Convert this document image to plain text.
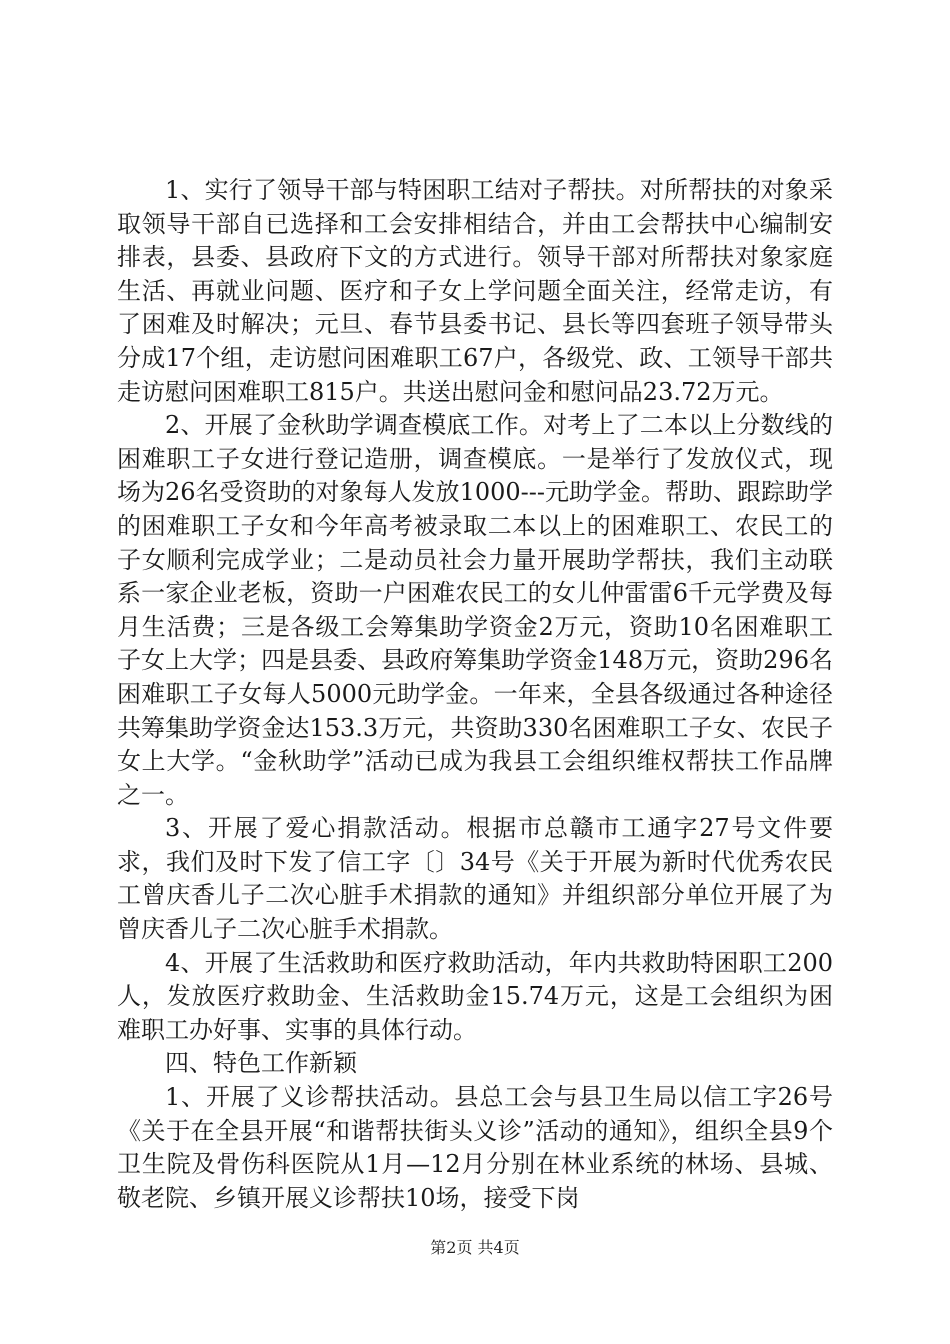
1、实行了领导干部与特困职工结对子帮扶。对所帮扶的对象采取领导干部自已选择和工会安排相结合，并由工会帮扶中心编制安排表，县委、县政府下文的方式进行。领导干部对所帮扶对象家庭生活、再就业问题、医疗和子女上学问题全面关注，经常走访，有了困难及时解决；元旦、春节县委书记、县长等四套班子领导带头分成17个组，走访慰问困难职工67户，各级党、政、工领导干部共走访慰问困难职工815户。共送出慰问金和慰问品23.72万元。

2、开展了金秋助学调查模底工作。对考上了二本以上分数线的困难职工子女进行登记造册，调查模底。一是举行了发放仪式，现场为26名受资助的对象每人发放1000---元助学金。帮助、跟踪助学的困难职工子女和今年高考被录取二本以上的困难职工、农民工的子女顺利完成学业；二是动员社会力量开展助学帮扶，我们主动联系一家企业老板，资助一户困难农民工的女儿仲雷雷6千元学费及每月生活费；三是各级工会筹集助学资金2万元，资助10名困难职工子女上大学；四是县委、县政府筹集助学资金148万元，资助296名困难职工子女每人5000元助学金。一年来，全县各级通过各种途径共筹集助学资金达153.3万元，共资助330名困难职工子女、农民子女上大学。“金秋助学”活动已成为我县工会组织维权帮扶工作品牌之一。

3、开展了爱心捐款活动。根据市总赣市工通字27号文件要求，我们及时下发了信工字〔〕34号《关于开展为新时代优秀农民工曾庆香儿子二次心脏手术捐款的通知》并组织部分单位开展了为曾庆香儿子二次心脏手术捐款。

4、开展了生活救助和医疗救助活动，年内共救助特困职工200人，发放医疗救助金、生活救助金15.74万元，这是工会组织为困难职工办好事、实事的具体行动。

四、特色工作新颖

1、开展了义诊帮扶活动。县总工会与县卫生局以信工字26号《关于在全县开展“和谐帮扶街头义诊”活动的通知》，组织全县9个卫生院及骨伤科医院从1月—12月分别在林业系统的林场、县城、敬老院、乡镇开展义诊帮扶10场，接受下岗

第2页 共4页
